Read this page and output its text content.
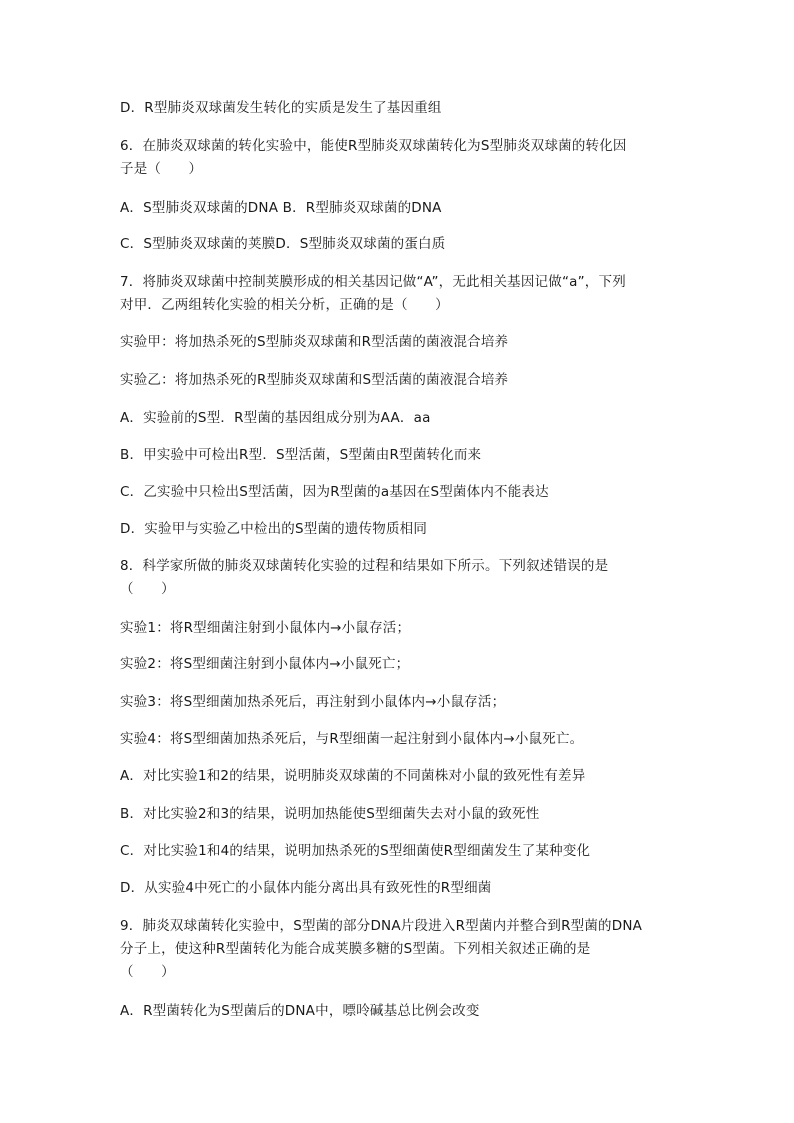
D．R型肺炎双球菌发生转化的实质是发生了基因重组
6．在肺炎双球菌的转化实验中，能使R型肺炎双球菌转化为S型肺炎双球菌的转化因
子是（　　）
A．S型肺炎双球菌的DNA B．R型肺炎双球菌的DNA
C．S型肺炎双球菌的荚膜D．S型肺炎双球菌的蛋白质
7．将肺炎双球菌中控制荚膜形成的相关基因记做“A”，无此相关基因记做“a”，下列
对甲．乙两组转化实验的相关分析，正确的是（　　）
实验甲：将加热杀死的S型肺炎双球菌和R型活菌的菌液混合培养
实验乙：将加热杀死的R型肺炎双球菌和S型活菌的菌液混合培养
A．实验前的S型．R型菌的基因组成分别为AA．aa
B．甲实验中可检出R型．S型活菌，S型菌由R型菌转化而来
C．乙实验中只检出S型活菌，因为R型菌的a基因在S型菌体内不能表达
D．实验甲与实验乙中检出的S型菌的遗传物质相同
8．科学家所做的肺炎双球菌转化实验的过程和结果如下所示。下列叙述错误的是
（　　）
实验1：将R型细菌注射到小鼠体内→小鼠存活；
实验2：将S型细菌注射到小鼠体内→小鼠死亡；
实验3：将S型细菌加热杀死后，再注射到小鼠体内→小鼠存活；
实验4：将S型细菌加热杀死后，与R型细菌一起注射到小鼠体内→小鼠死亡。
A．对比实验1和2的结果，说明肺炎双球菌的不同菌株对小鼠的致死性有差异
B．对比实验2和3的结果，说明加热能使S型细菌失去对小鼠的致死性
C．对比实验1和4的结果，说明加热杀死的S型细菌使R型细菌发生了某种变化
D．从实验4中死亡的小鼠体内能分离出具有致死性的R型细菌
9．肺炎双球菌转化实验中，S型菌的部分DNA片段进入R型菌内并整合到R型菌的DNA
分子上，使这种R型菌转化为能合成荚膜多糖的S型菌。下列相关叙述正确的是
（　　）
A．R型菌转化为S型菌后的DNA中，嘌呤碱基总比例会改变
